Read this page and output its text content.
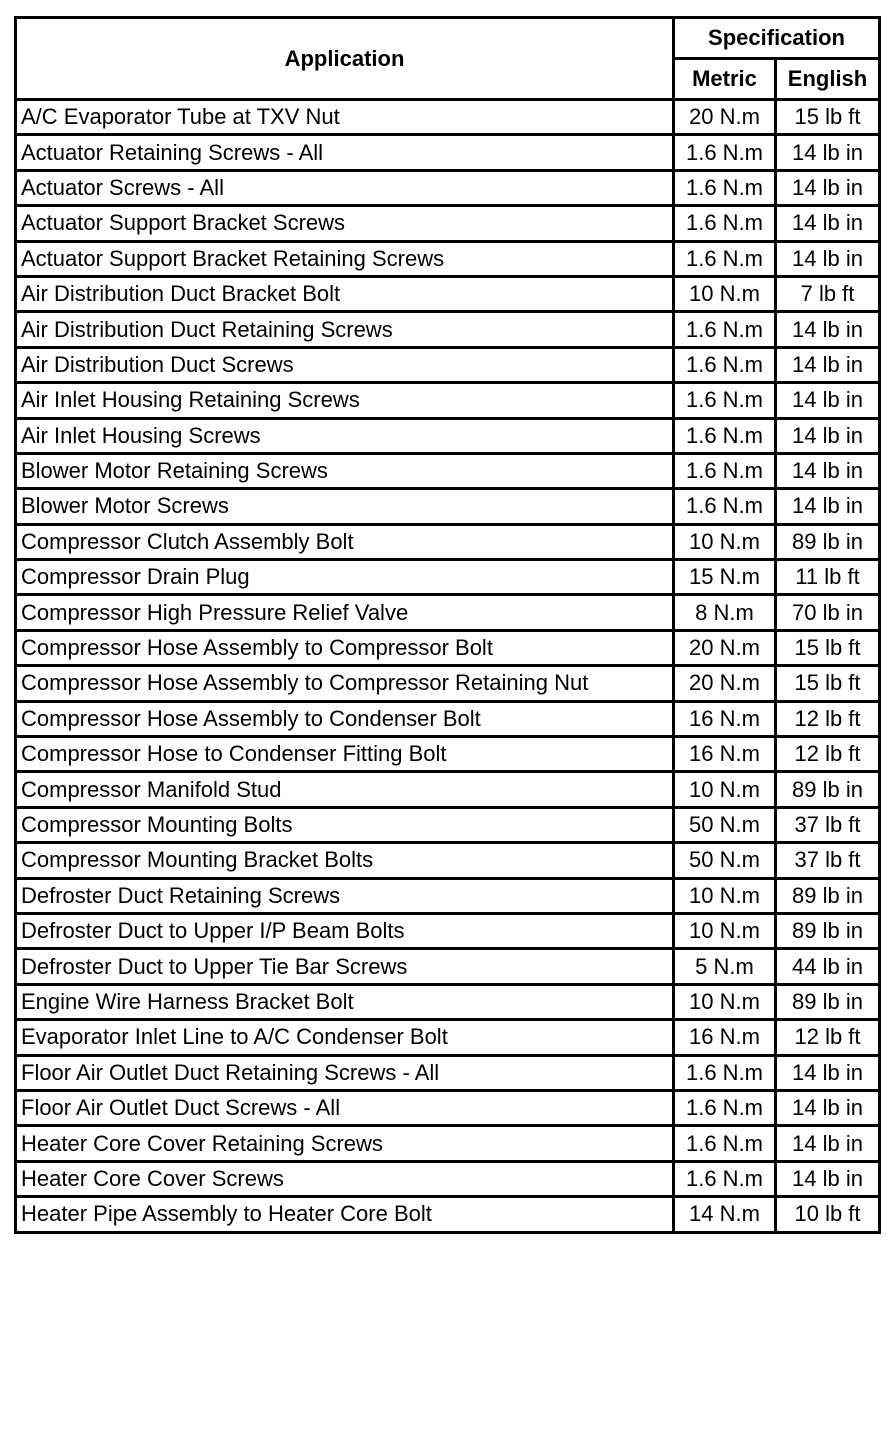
Application	Specification	
	Metric	English
A/C Evaporator Tube at TXV Nut	20 N.m	15 lb ft
Actuator Retaining Screws - All	1.6 N.m	14 lb in
Actuator Screws - All	1.6 N.m	14 lb in
Actuator Support Bracket Screws	1.6 N.m	14 lb in
Actuator Support Bracket Retaining Screws	1.6 N.m	14 lb in
Air Distribution Duct Bracket Bolt	10 N.m	7 lb ft
Air Distribution Duct Retaining Screws	1.6 N.m	14 lb in
Air Distribution Duct Screws	1.6 N.m	14 lb in
Air Inlet Housing Retaining Screws	1.6 N.m	14 lb in
Air Inlet Housing Screws	1.6 N.m	14 lb in
Blower Motor Retaining Screws	1.6 N.m	14 lb in
Blower Motor Screws	1.6 N.m	14 lb in
Compressor Clutch Assembly Bolt	10 N.m	89 lb in
Compressor Drain Plug	15 N.m	11 lb ft
Compressor High Pressure Relief Valve	8 N.m	70 lb in
Compressor Hose Assembly to Compressor Bolt	20 N.m	15 lb ft
Compressor Hose Assembly to Compressor Retaining Nut	20 N.m	15 lb ft
Compressor Hose Assembly to Condenser Bolt	16 N.m	12 lb ft
Compressor Hose to Condenser Fitting Bolt	16 N.m	12 lb ft
Compressor Manifold Stud	10 N.m	89 lb in
Compressor Mounting Bolts	50 N.m	37 lb ft
Compressor Mounting Bracket Bolts	50 N.m	37 lb ft
Defroster Duct Retaining Screws	10 N.m	89 lb in
Defroster Duct to Upper I/P Beam Bolts	10 N.m	89 lb in
Defroster Duct to Upper Tie Bar Screws	5 N.m	44 lb in
Engine Wire Harness Bracket Bolt	10 N.m	89 lb in
Evaporator Inlet Line to A/C Condenser Bolt	16 N.m	12 lb ft
Floor Air Outlet Duct Retaining Screws - All	1.6 N.m	14 lb in
Floor Air Outlet Duct Screws - All	1.6 N.m	14 lb in
Heater Core Cover Retaining Screws	1.6 N.m	14 lb in
Heater Core Cover Screws	1.6 N.m	14 lb in
Heater Pipe Assembly to Heater Core Bolt	14 N.m	10 lb ft
